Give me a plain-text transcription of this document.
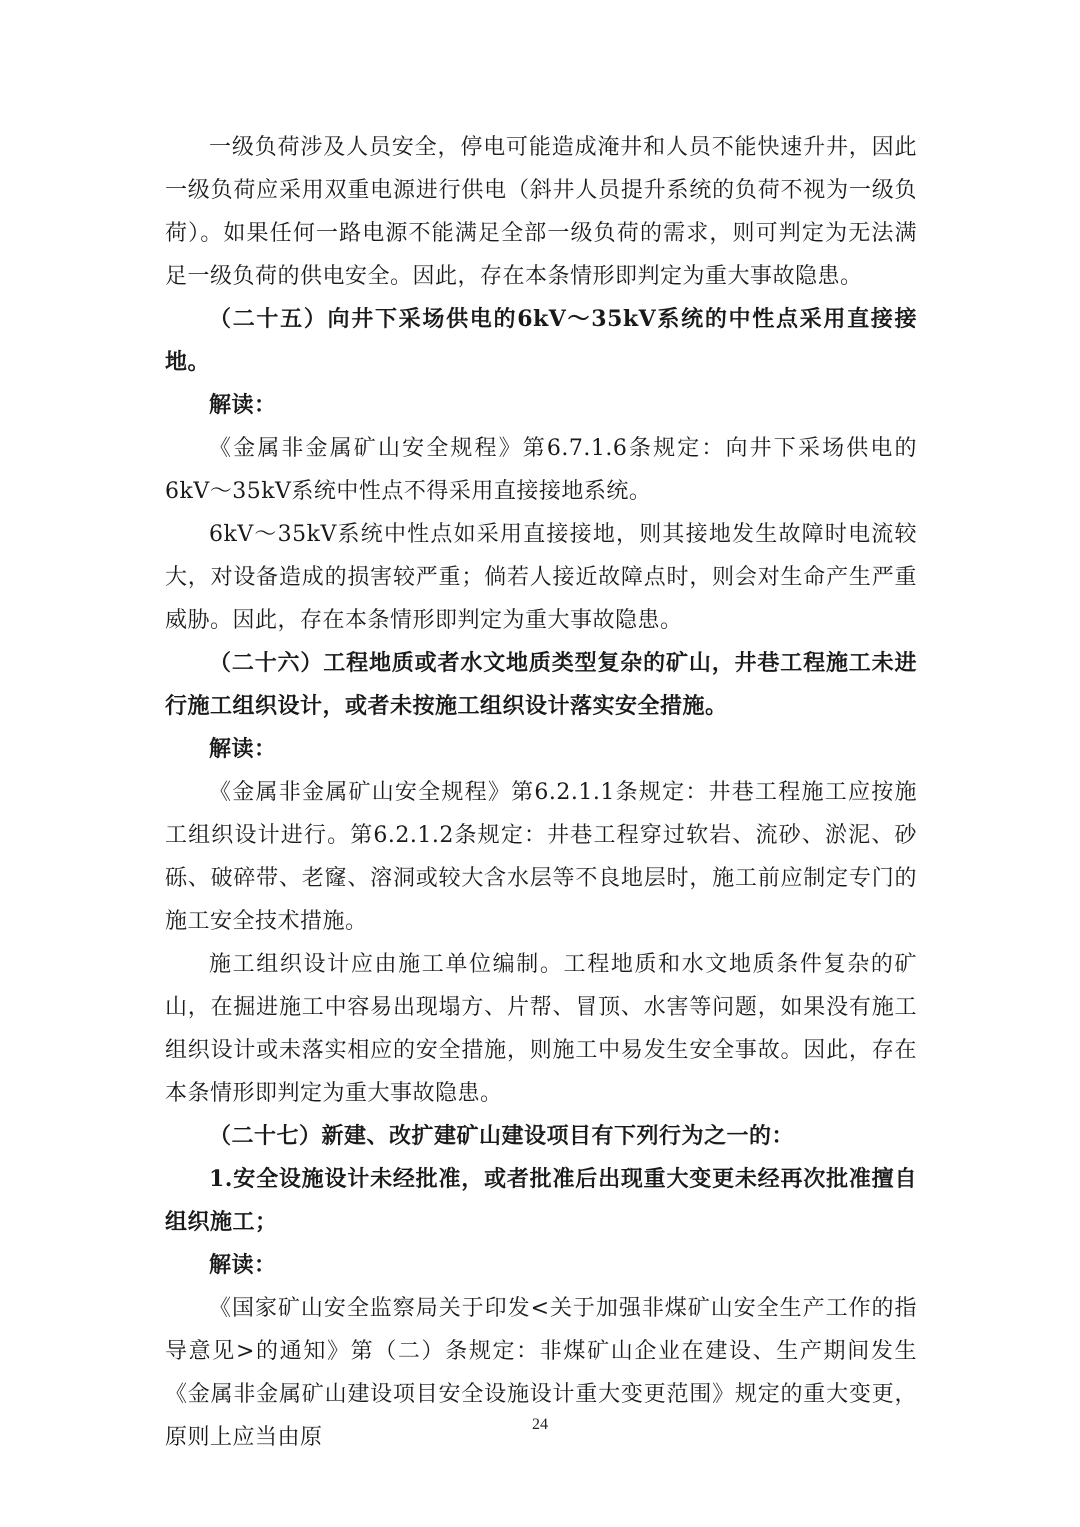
一级负荷涉及人员安全，停电可能造成淹井和人员不能快速升井，因此一级负荷应采用双重电源进行供电（斜井人员提升系统的负荷不视为一级负荷）。如果任何一路电源不能满足全部一级负荷的需求，则可判定为无法满足一级负荷的供电安全。因此，存在本条情形即判定为重大事故隐患。

（二十五）向井下采场供电的6kV～35kV系统的中性点采用直接接地。

解读：

《金属非金属矿山安全规程》第6.7.1.6条规定：向井下采场供电的6kV～35kV系统中性点不得采用直接接地系统。

6kV～35kV系统中性点如采用直接接地，则其接地发生故障时电流较大，对设备造成的损害较严重；倘若人接近故障点时，则会对生命产生严重威胁。因此，存在本条情形即判定为重大事故隐患。

（二十六）工程地质或者水文地质类型复杂的矿山，井巷工程施工未进行施工组织设计，或者未按施工组织设计落实安全措施。

解读：

《金属非金属矿山安全规程》第6.2.1.1条规定：井巷工程施工应按施工组织设计进行。第6.2.1.2条规定：井巷工程穿过软岩、流砂、淤泥、砂砾、破碎带、老窿、溶洞或较大含水层等不良地层时，施工前应制定专门的施工安全技术措施。

施工组织设计应由施工单位编制。工程地质和水文地质条件复杂的矿山，在掘进施工中容易出现塌方、片帮、冒顶、水害等问题，如果没有施工组织设计或未落实相应的安全措施，则施工中易发生安全事故。因此，存在本条情形即判定为重大事故隐患。

（二十七）新建、改扩建矿山建设项目有下列行为之一的：

1.安全设施设计未经批准，或者批准后出现重大变更未经再次批准擅自组织施工；

解读：

《国家矿山安全监察局关于印发<关于加强非煤矿山安全生产工作的指导意见>的通知》第（二）条规定：非煤矿山企业在建设、生产期间发生《金属非金属矿山建设项目安全设施设计重大变更范围》规定的重大变更，原则上应当由原

24
